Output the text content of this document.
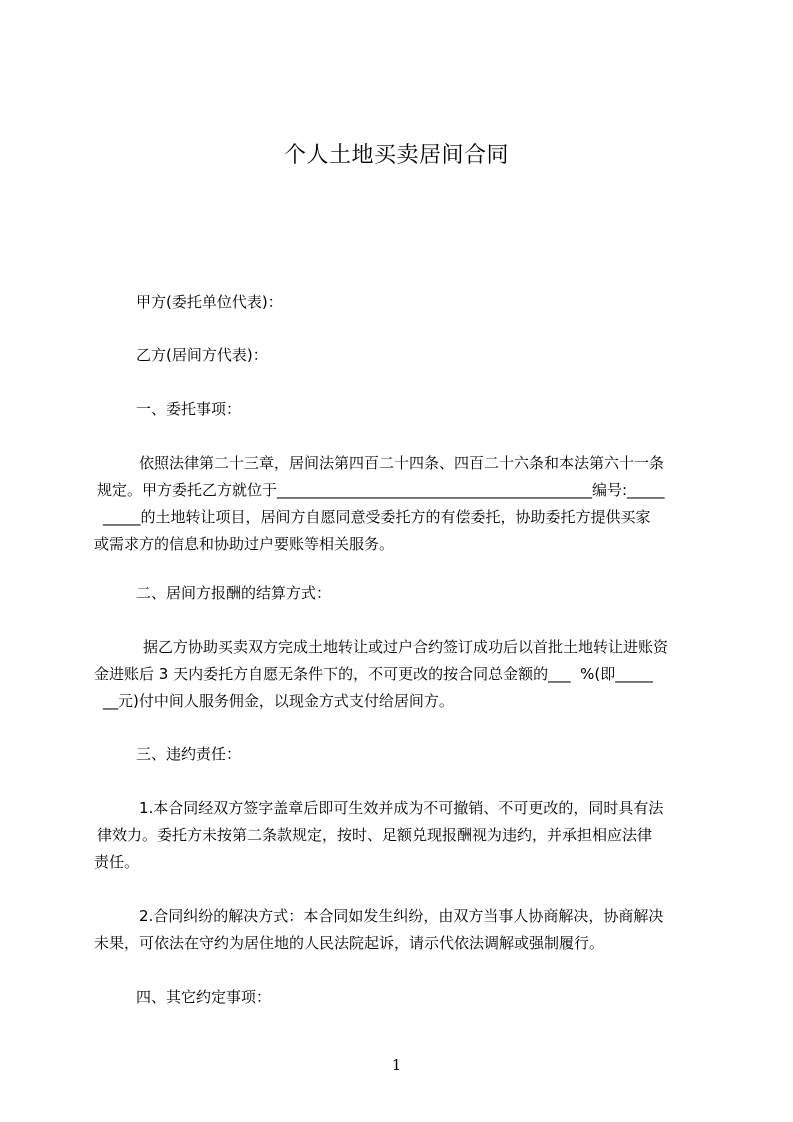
个人土地买卖居间合同
甲方(委托单位代表)：
乙方(居间方代表)：
一、委托事项：
依照法律第二十三章，居间法第四百二十四条、四百二十六条和本法第六十一条
规定。甲方委托乙方就位于__________________________________________编号:_____
_____的土地转让项目，居间方自愿同意受委托方的有偿委托，协助委托方提供买家
或需求方的信息和协助过户要账等相关服务。
二、居间方报酬的结算方式：
据乙方协助买卖双方完成土地转让或过户合约签订成功后以首批土地转让进账资
金进账后 3 天内委托方自愿无条件下的，不可更改的按合同总金额的___  %(即_____
__元)付中间人服务佣金，以现金方式支付给居间方。
三、违约责任：
1.本合同经双方签字盖章后即可生效并成为不可撤销、不可更改的，同时具有法
律效力。委托方未按第二条款规定，按时、足额兑现报酬视为违约，并承担相应法律
责任。
2.合同纠纷的解决方式：本合同如发生纠纷，由双方当事人协商解决，协商解决
未果，可依法在守约为居住地的人民法院起诉，请示代依法调解或强制履行。
四、其它约定事项：
1
